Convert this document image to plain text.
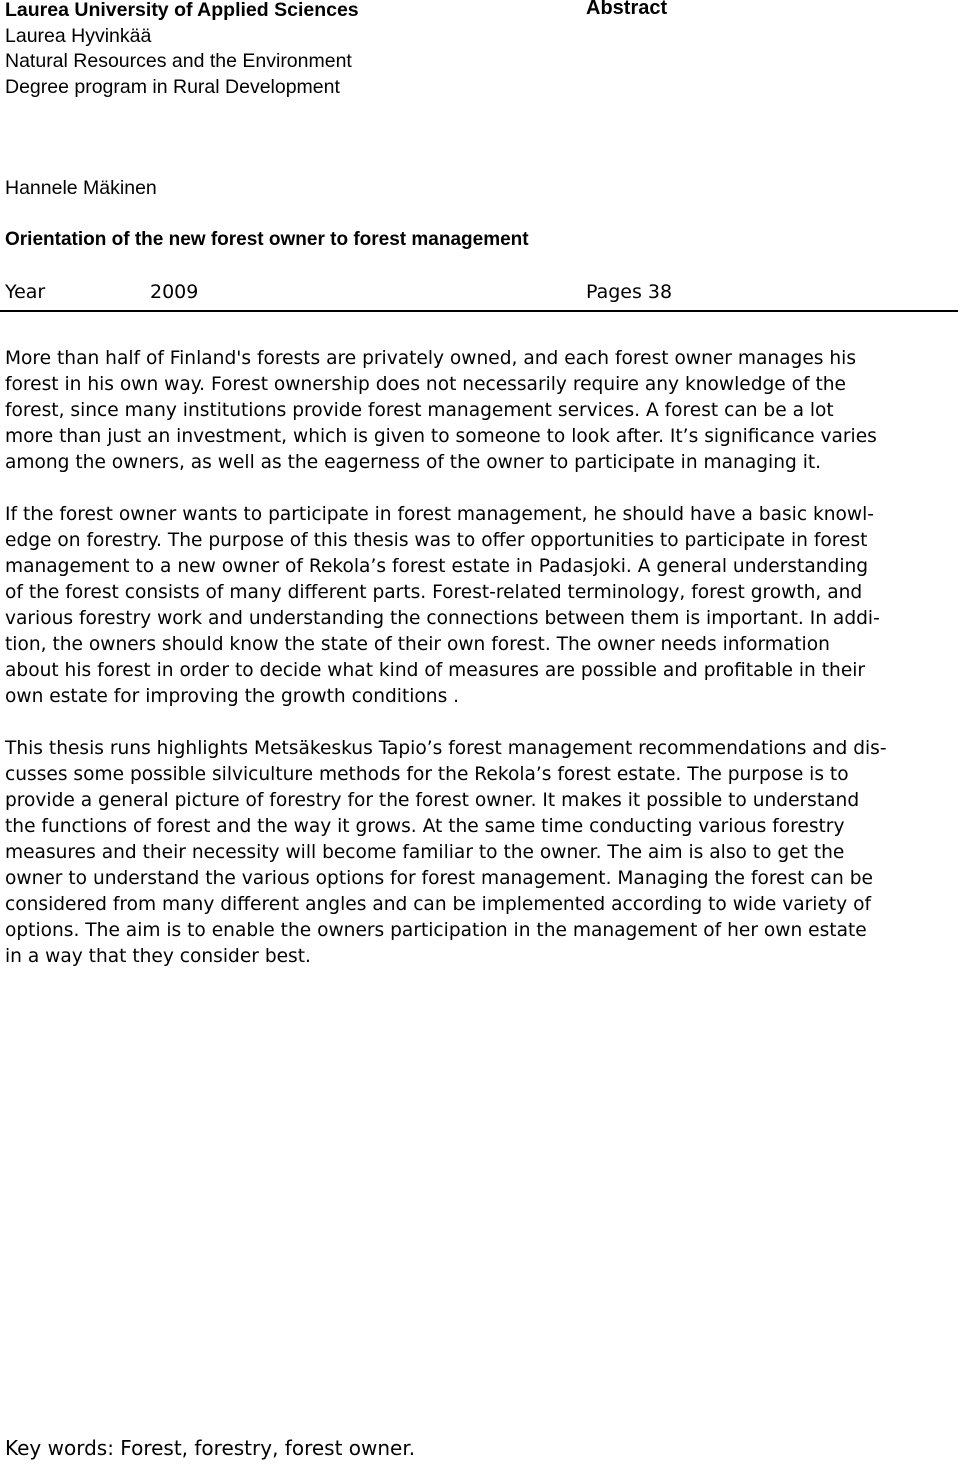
Laurea University of Applied Sciences
Laurea Hyvinkää
Natural Resources and the Environment
Degree program in Rural Development
Abstract
Hannele Mäkinen
Orientation of the new forest owner to forest management
Year	2009	Pages 38
More than half of Finland's forests are privately owned, and each forest owner manages his
forest in his own way. Forest ownership does not necessarily require any knowledge of the
forest, since many institutions provide forest management services. A forest can be a lot
more than just an investment, which is given to someone to look after. It’s significance varies
among the owners, as well as the eagerness of the owner to participate in managing it.
If the forest owner wants to participate in forest management, he should have a basic knowl-
edge on forestry. The purpose of this thesis was to offer opportunities to participate in forest
management to a new owner of Rekola’s forest estate in Padasjoki. A general understanding
of the forest consists of many different parts. Forest-related terminology, forest growth, and
various forestry work and understanding the connections between them is important. In addi-
tion, the owners should know the state of their own forest. The owner needs information
about his forest in order to decide what kind of measures are possible and profitable in their
own estate for improving the growth conditions .
This thesis runs highlights Metsäkeskus Tapio’s forest management recommendations and dis-
cusses some possible silviculture methods for the Rekola’s forest estate. The purpose is to
provide a general picture of forestry for the forest owner. It makes it possible to understand
the functions of forest and the way it grows. At the same time conducting various forestry
measures and their necessity will become familiar to the owner. The aim is also to get the
owner to understand the various options for forest management. Managing the forest can be
considered from many different angles and can be implemented according to wide variety of
options. The aim is to enable the owners participation in the management of her own estate
in a way that they consider best.
Key words: Forest, forestry, forest owner.
